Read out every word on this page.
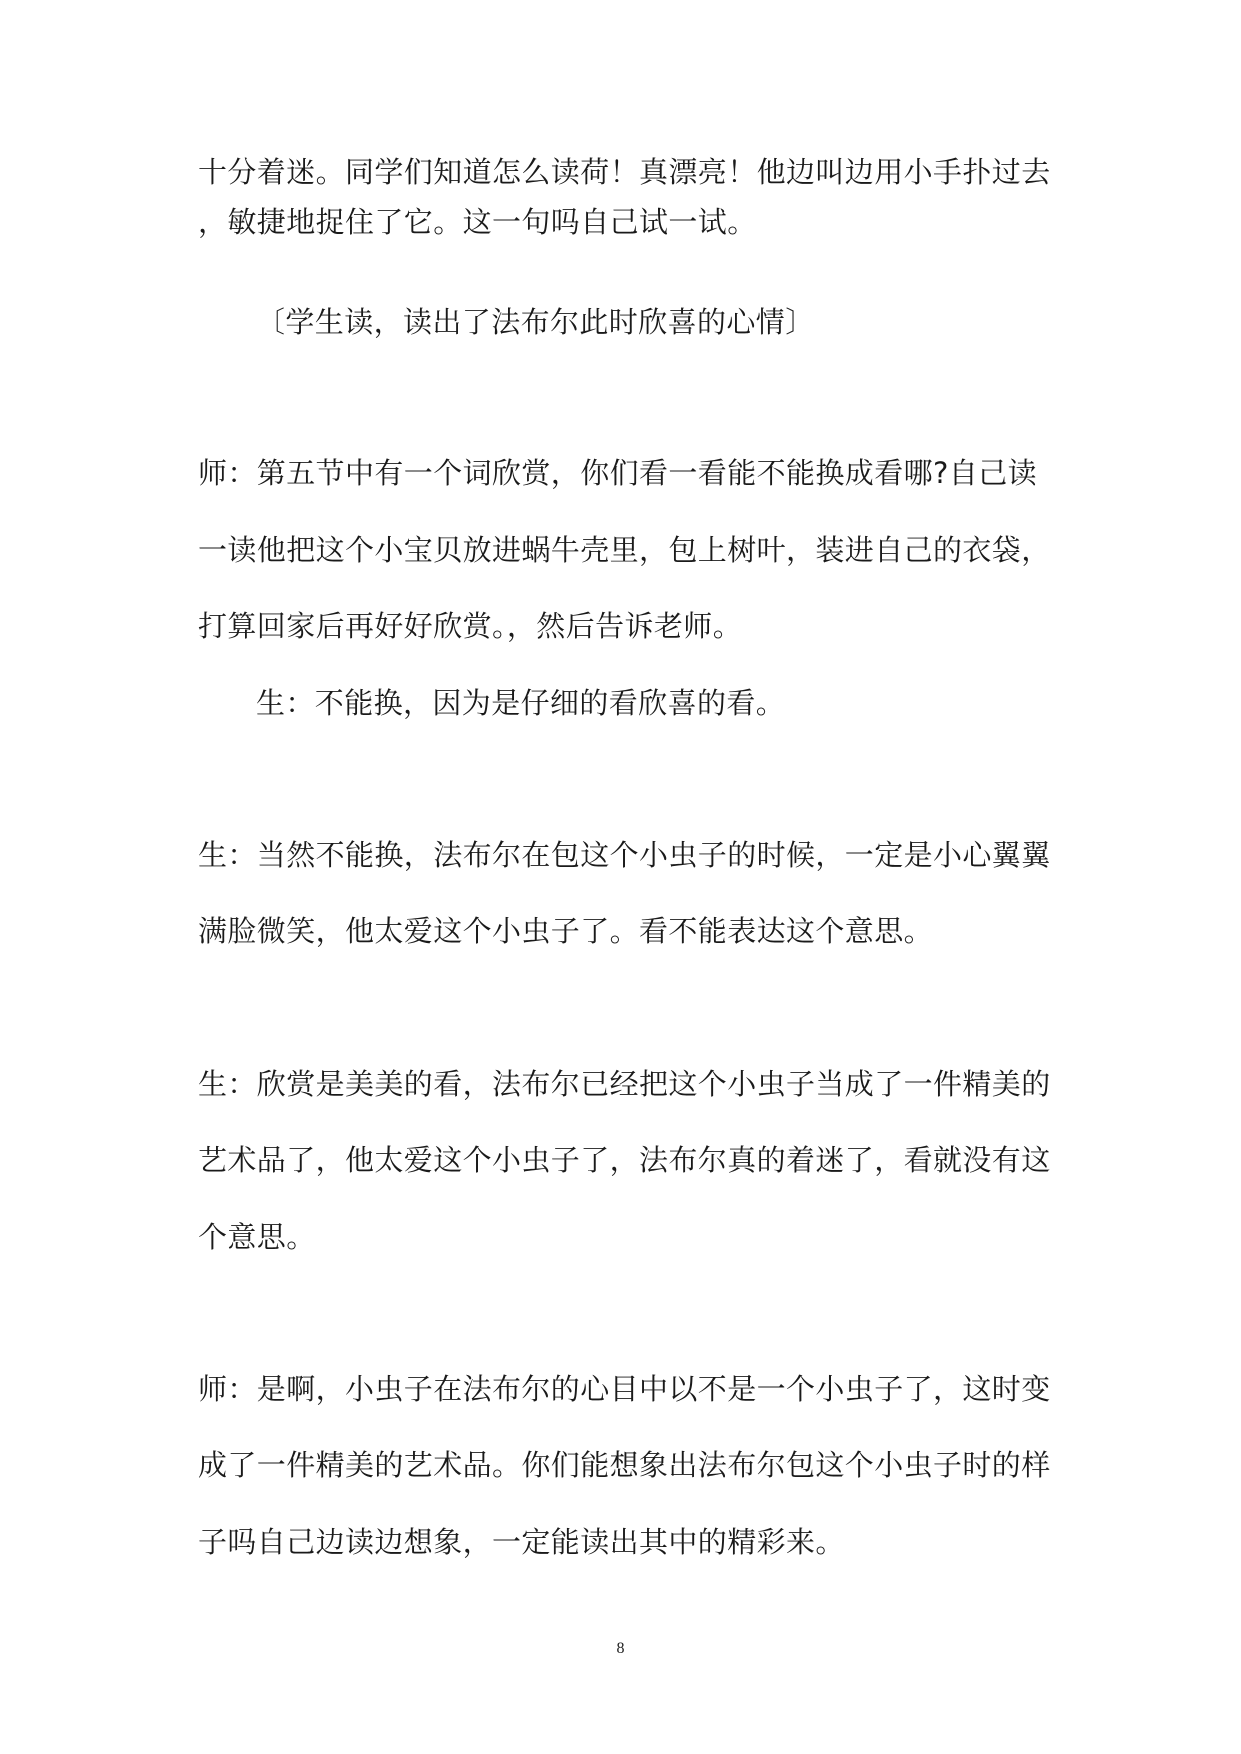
十分着迷。同学们知道怎么读荷！真漂亮！他边叫边用小手扑过去
，敏捷地捉住了它。这一句吗自己试一试。
〔学生读，读出了法布尔此时欣喜的心情〕
师：第五节中有一个词欣赏，你们看一看能不能换成看哪?自己读
一读他把这个小宝贝放进蜗牛壳里，包上树叶，装进自己的衣袋，
打算回家后再好好欣赏。，然后告诉老师。
生：不能换，因为是仔细的看欣喜的看。
生：当然不能换，法布尔在包这个小虫子的时候，一定是小心翼翼
满脸微笑，他太爱这个小虫子了。看不能表达这个意思。
生：欣赏是美美的看，法布尔已经把这个小虫子当成了一件精美的
艺术品了，他太爱这个小虫子了，法布尔真的着迷了，看就没有这
个意思。
师：是啊，小虫子在法布尔的心目中以不是一个小虫子了，这时变
成了一件精美的艺术品。你们能想象出法布尔包这个小虫子时的样
子吗自己边读边想象，一定能读出其中的精彩来。
8
